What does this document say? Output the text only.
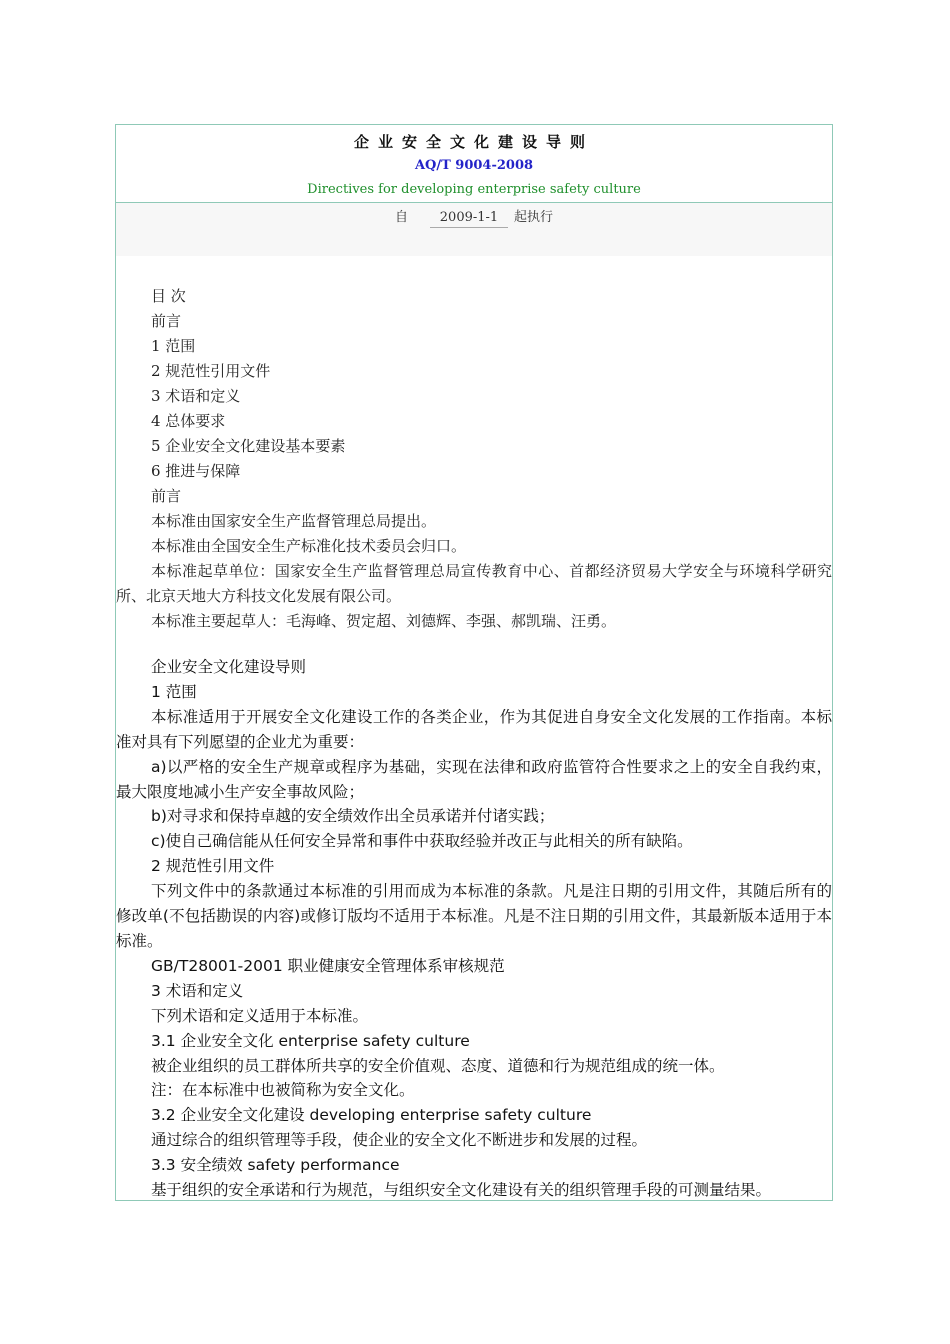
企业安全文化建设导则
AQ/T 9004-2008
Directives for developing enterprise safety culture
自 2009-1-1 起执行

目 次

前言

1 范围

2 规范性引用文件

3 术语和定义

4 总体要求

5 企业安全文化建设基本要素

6 推进与保障

前言

本标准由国家安全生产监督管理总局提出。

本标准由全国安全生产标准化技术委员会归口。

本标准起草单位：国家安全生产监督管理总局宣传教育中心、首都经济贸易大学安全与环境科学研究所、北京天地大方科技文化发展有限公司。

本标准主要起草人：毛海峰、贺定超、刘德辉、李强、郝凯瑞、汪勇。

企业安全文化建设导则

1 范围

本标准适用于开展安全文化建设工作的各类企业，作为其促进自身安全文化发展的工作指南。本标准对具有下列愿望的企业尤为重要：

a)以严格的安全生产规章或程序为基础，实现在法律和政府监管符合性要求之上的安全自我约束，最大限度地减小生产安全事故风险；

b)对寻求和保持卓越的安全绩效作出全员承诺并付诸实践；

c)使自己确信能从任何安全异常和事件中获取经验并改正与此相关的所有缺陷。

2 规范性引用文件

下列文件中的条款通过本标准的引用而成为本标准的条款。凡是注日期的引用文件，其随后所有的修改单(不包括勘误的内容)或修订版均不适用于本标准。凡是不注日期的引用文件，其最新版本适用于本标准。

GB/T28001-2001 职业健康安全管理体系审核规范

3 术语和定义

下列术语和定义适用于本标准。

3.1 企业安全文化 enterprise safety culture

被企业组织的员工群体所共享的安全价值观、态度、道德和行为规范组成的统一体。

注：在本标准中也被简称为安全文化。

3.2 企业安全文化建设 developing enterprise safety culture

通过综合的组织管理等手段，使企业的安全文化不断进步和发展的过程。

3.3 安全绩效 safety performance

基于组织的安全承诺和行为规范，与组织安全文化建设有关的组织管理手段的可测量结果。
